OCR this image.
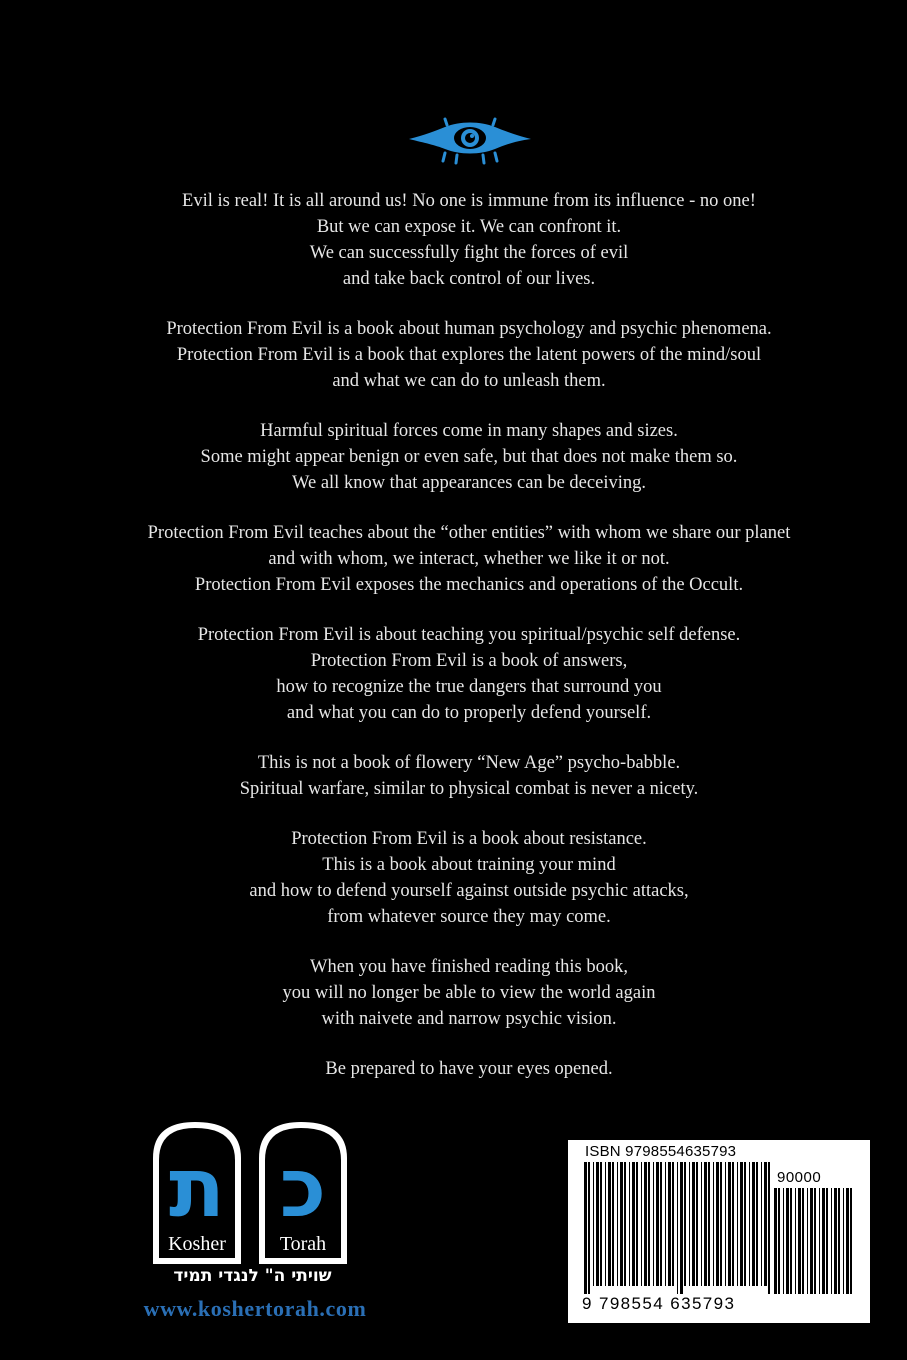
Evil is real! It is all around us! No one is immune from its influence - no one!
But we can expose it. We can confront it.
We can successfully fight the forces of evil
and take back control of our lives.

Protection From Evil is a book about human psychology and psychic phenomena.
Protection From Evil is a book that explores the latent powers of the mind/soul
and what we can do to unleash them.

Harmful spiritual forces come in many shapes and sizes.
Some might appear benign or even safe, but that does not make them so.
We all know that appearances can be deceiving.

Protection From Evil teaches about the “other entities” with whom we share our planet
and with whom, we interact, whether we like it or not.
Protection From Evil exposes the mechanics and operations of the Occult.

Protection From Evil is about teaching you spiritual/psychic self defense.
Protection From Evil is a book of answers,
how to recognize the true dangers that surround you
and what you can do to properly defend yourself.

This is not a book of flowery “New Age” psycho-babble.
Spiritual warfare, similar to physical combat is never a nicety.

Protection From Evil is a book about resistance.
This is a book about training your mind
and how to defend yourself against outside psychic attacks,
from whatever source they may come.

When you have finished reading this book,
you will no longer be able to view the world again
with naivete and narrow psychic vision.

Be prepared to have your eyes opened.

ת כ
Kosher	Torah
שויתי ה" לנגדי תמיד
www.koshertorah.com
ISBN 9798554635793
90000
9 798554 635793
